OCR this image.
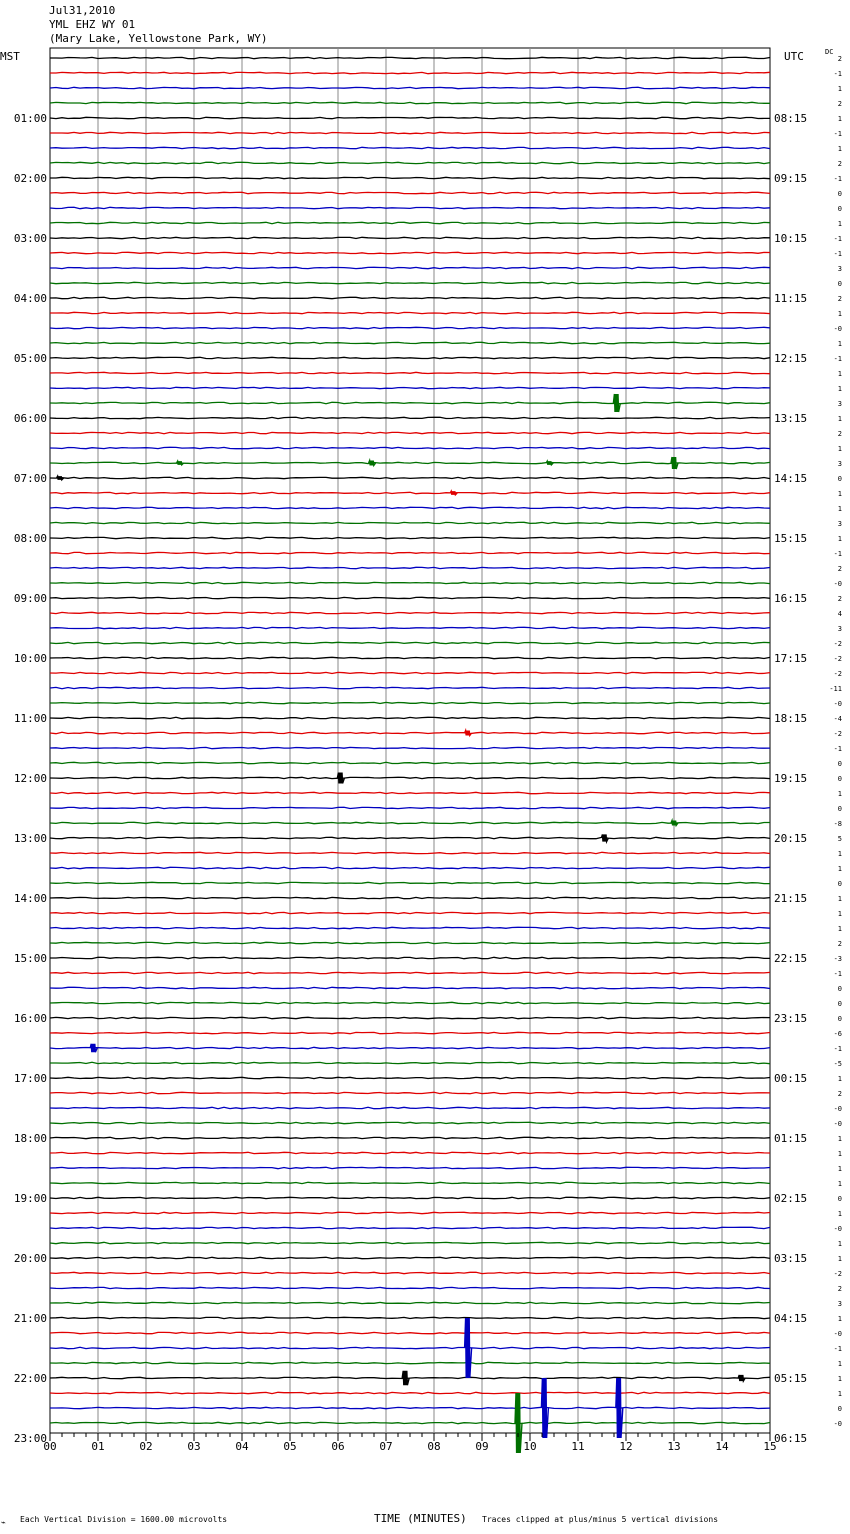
Jul31,2010
YML EHZ WY 01
(Mary Lake, Yellowstone Park, WY)
MST	UTC	DC
2
-1
1
2
1
-1
1
2
-1
0
0
1
-1
-1
3
0
2
1
-0
1
-1
1
1
3
1
2
1
3
0
1
1
3
1
-1
2
-0
2
4
3
-2
-2
-2
-11
-0
-4
-2
-1
0
0
1
0
-8
5
1
1
0
1
1
1
2
-3
-1
0
0
0
-6
-1
-5
1
2
-0
-0
1
1
1
1
0
1
-0
1
1
-2
2
3
1
-0
-1
1
1
1
0
-0
01:00
02:00
03:00
04:00
05:00
06:00
07:00
08:00
09:00
10:00
11:00
12:00
13:00
14:00
15:00
16:00
17:00
18:00
19:00
20:00
21:00
22:00
23:00
08:15
09:15
10:15
11:15
12:15
13:15
14:15
15:15
16:15
17:15
18:15
19:15
20:15
21:15
22:15
23:15
00:15
01:15
02:15
03:15
04:15
05:15
06:15
00	01	02	03	04	05	06	07	08	09	10	11	12	13	14	15
⌁ Each Vertical Division = 1600.00 microvolts	TIME (MINUTES) Traces clipped at plus/minus 5 vertical divisions
